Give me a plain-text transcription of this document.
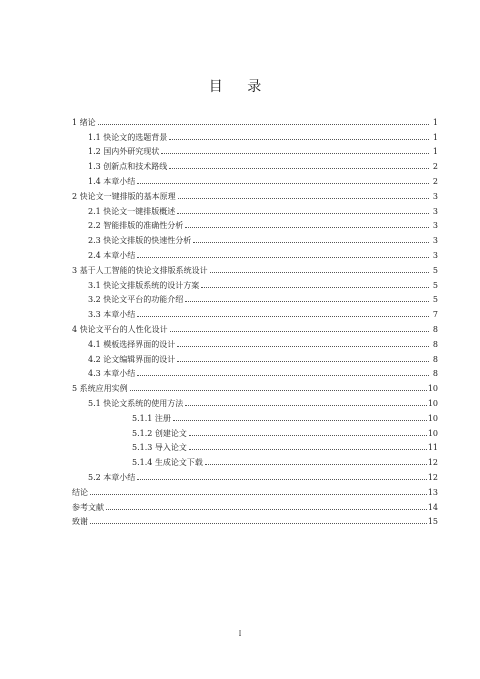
目 录
1 绪论	1
1.1 快论文的选题背景	1
1.2 国内外研究现状	1
1.3 创新点和技术路线	2
1.4 本章小结	2
2 快论文一键排版的基本原理	3
2.1 快论文一键排版概述	3
2.2 智能排版的准确性分析	3
2.3 快论文排版的快速性分析	3
2.4 本章小结	3
3 基于人工智能的快论文排版系统设计	5
3.1 快论文排版系统的设计方案	5
3.2 快论文平台的功能介绍	5
3.3 本章小结	7
4 快论文平台的人性化设计	8
4.1 模板选择界面的设计	8
4.2 论文编辑界面的设计	8
4.3 本章小结	8
5 系统应用实例	10
5.1 快论文系统的使用方法	10
5.1.1 注册	10
5.1.2 创建论文	10
5.1.3 导入论文	11
5.1.4 生成论文下载	12
5.2 本章小结	12
结论	13
参考文献	14
致谢	15
I
